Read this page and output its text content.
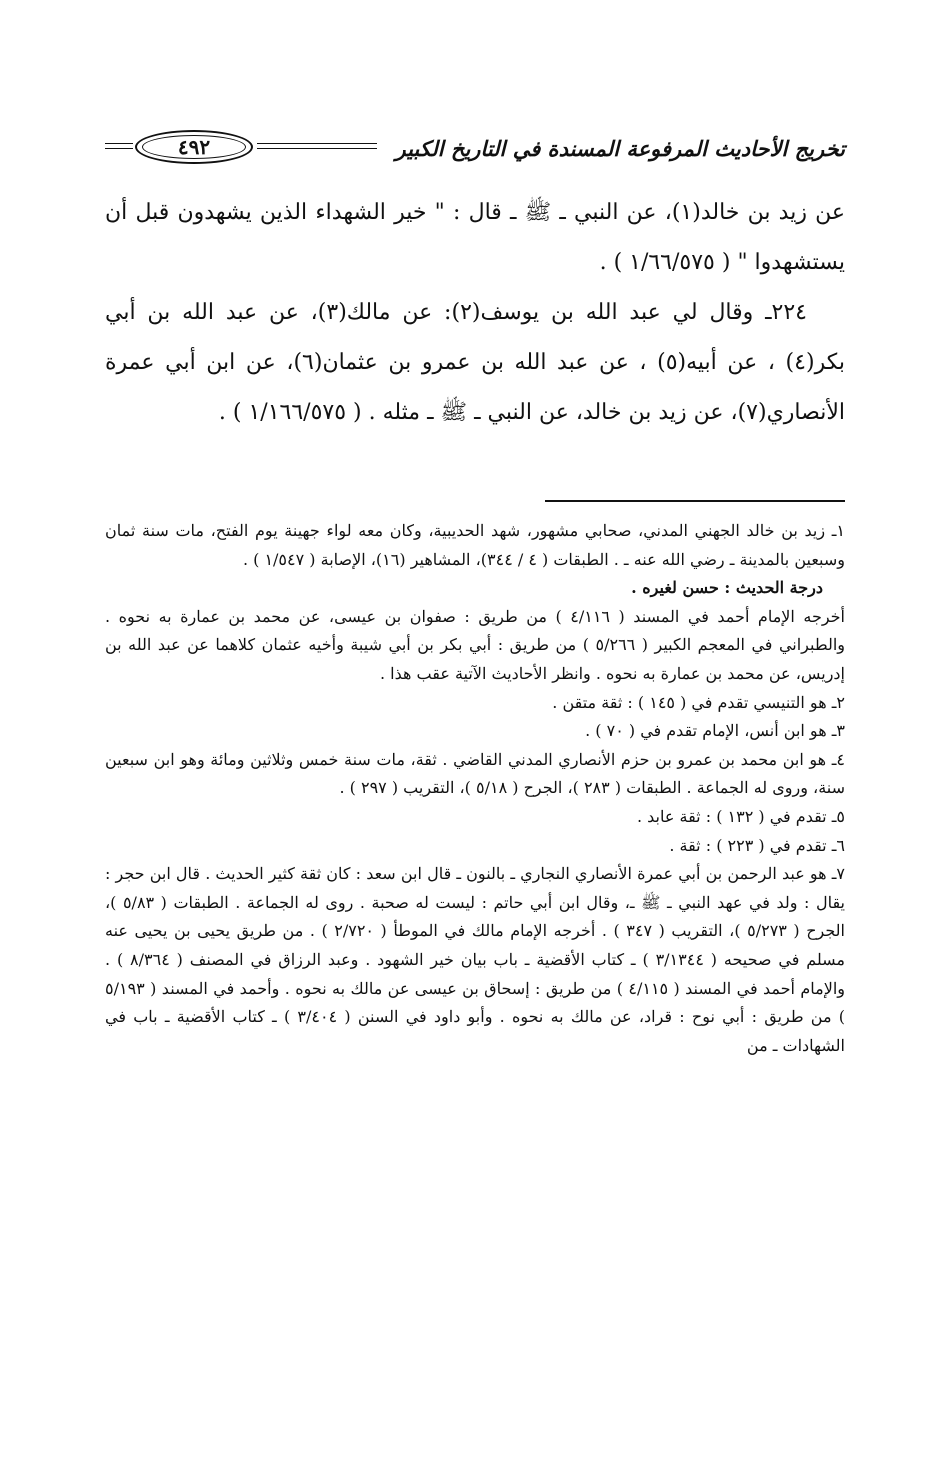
تخريج الأحاديث المرفوعة المسندة في التاريخ الكبير
٤٩٢

عن زيد بن خالد(١)، عن النبي ـ ﷺ ـ قال : " خير الشهداء الذين يشهدون قبل أن يستشهدوا " ( ١/٦٦/٥٧٥ ) .

٢٢٤ـ وقال لي عبد الله بن يوسف(٢): عن مالك(٣)، عن عبد الله بن أبي بكر(٤) ، عن أبيه(٥) ، عن عبد الله بن عمرو بن عثمان(٦)، عن ابن أبي عمرة الأنصاري(٧)، عن زيد بن خالد، عن النبي ـ ﷺ ـ مثله . ( ١/١٦٦/٥٧٥ ) .

١ـ زيد بن خالد الجهني المدني، صحابي مشهور، شهد الحديبية، وكان معه لواء جهينة يوم الفتح، مات سنة ثمان وسبعين بالمدينة ـ رضي الله عنه ـ . الطبقات ( ٤ / ٣٤٤)، المشاهير (١٦)، الإصابة ( ١/٥٤٧ ) .
درجة الحديث : حسن لغيره .
أخرجه الإمام أحمد في المسند ( ٤/١١٦ ) من طريق : صفوان بن عيسى، عن محمد بن عمارة به نحوه . والطبراني في المعجم الكبير ( ٥/٢٦٦ ) من طريق : أبي بكر بن أبي شيبة وأخيه عثمان كلاهما عن عبد الله بن إدريس، عن محمد بن عمارة به نحوه . وانظر الأحاديث الآتية عقب هذا .
٢ـ هو التنيسي تقدم في ( ١٤٥ ) : ثقة متقن .
٣ـ هو ابن أنس، الإمام تقدم في ( ٧٠ ) .
٤ـ هو ابن محمد بن عمرو بن حزم الأنصاري المدني القاضي . ثقة، مات سنة خمس وثلاثين ومائة وهو ابن سبعين سنة، وروى له الجماعة . الطبقات ( ٢٨٣ )، الجرح ( ٥/١٨ )، التقريب ( ٢٩٧ ) .
٥ـ تقدم في ( ١٣٢ ) : ثقة عابد .
٦ـ تقدم في ( ٢٢٣ ) : ثقة .
٧ـ هو عبد الرحمن بن أبي عمرة الأنصاري النجاري ـ بالنون ـ قال ابن سعد : كان ثقة كثير الحديث . قال ابن حجر : يقال : ولد في عهد النبي ـ ﷺ ـ، وقال ابن أبي حاتم : ليست له صحبة . روى له الجماعة . الطبقات ( ٥/٨٣ )، الجرح ( ٥/٢٧٣ )، التقريب ( ٣٤٧ ) . أخرجه الإمام مالك في الموطأ ( ٢/٧٢٠ ) . من طريق يحيى بن يحيى عنه مسلم في صحيحه ( ٣/١٣٤٤ ) ـ كتاب الأقضية ـ باب بيان خير الشهود . وعبد الرزاق في المصنف ( ٨/٣٦٤ ) . والإمام أحمد في المسند ( ٤/١١٥ ) من طريق : إسحاق بن عيسى عن مالك به نحوه . وأحمد في المسند ( ٥/١٩٣ ) من طريق : أبي نوح : قراد، عن مالك به نحوه . وأبو داود في السنن ( ٣/٤٠٤ ) ـ كتاب الأقضية ـ باب في الشهادات ـ من
